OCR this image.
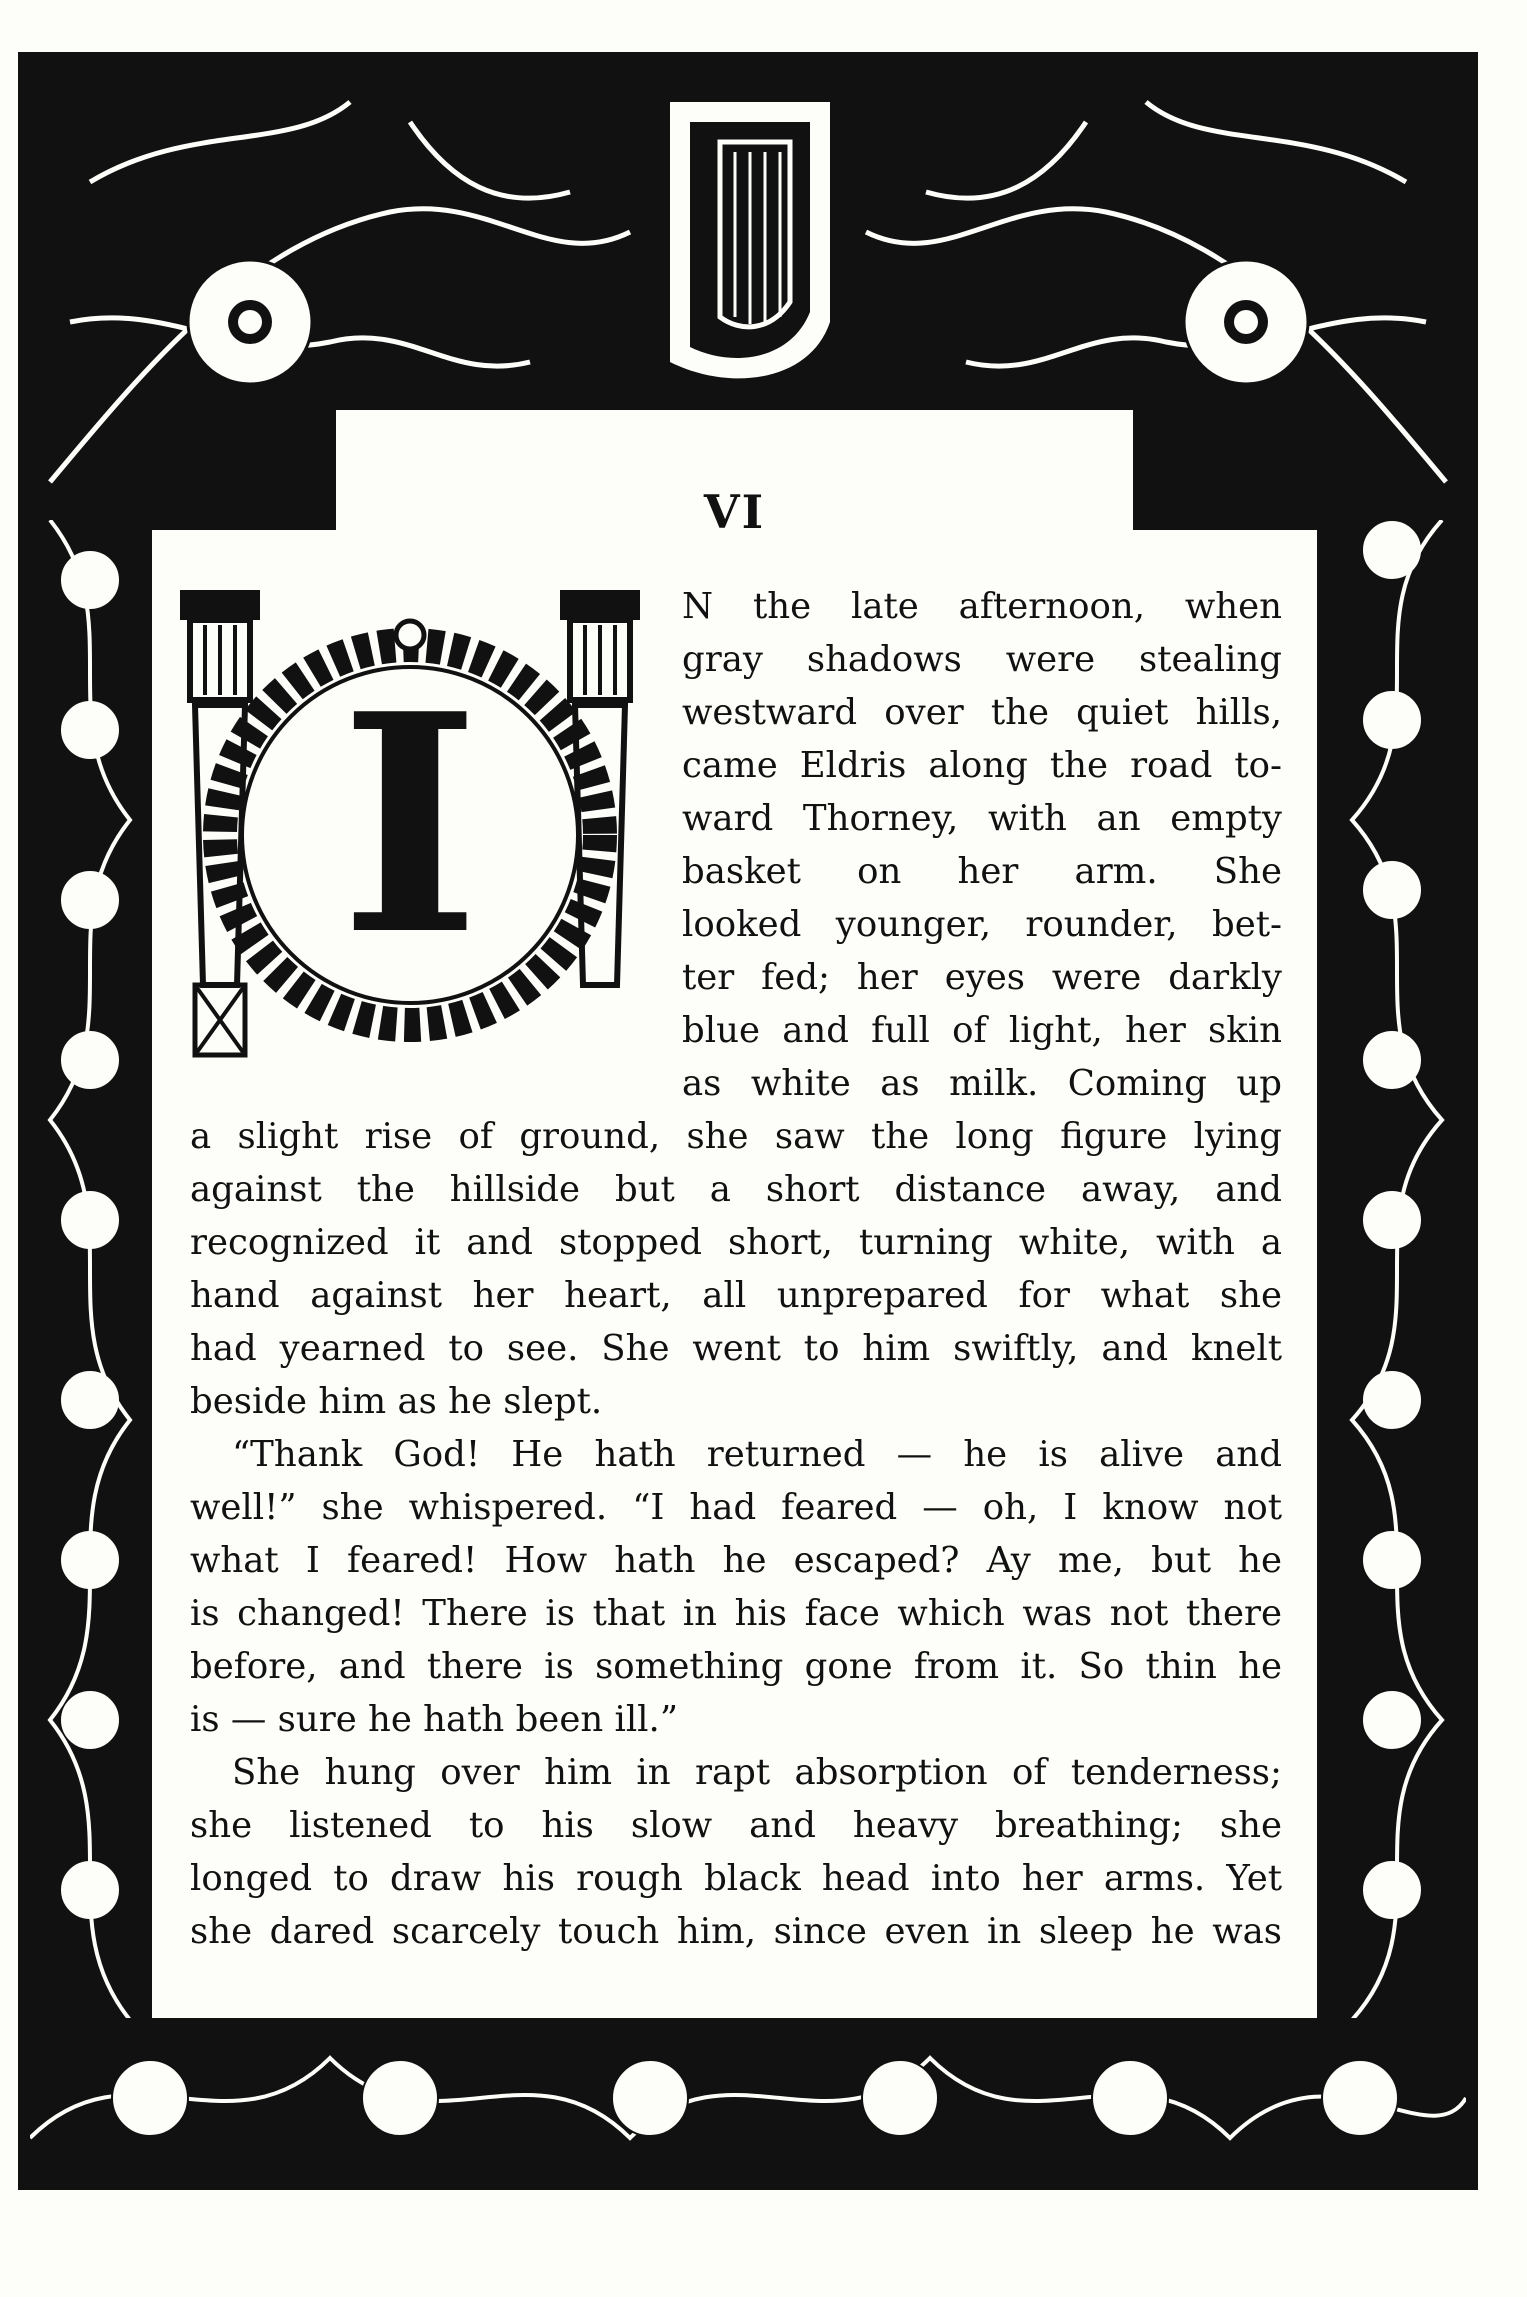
VI
I
N the late afternoon, when
gray shadows were stealing
westward over the quiet hills,
came Eldris along the road to-
ward Thorney, with an empty
basket on her arm. She
looked younger, rounder, bet-
ter fed; her eyes were darkly
blue and full of light, her skin
as white as milk. Coming up
a slight rise of ground, she saw the long figure lying
against the hillside but a short distance away, and
recognized it and stopped short, turning white, with a
hand against her heart, all unprepared for what she
had yearned to see. She went to him swiftly, and knelt
beside him as he slept.
“Thank God! He hath returned — he is alive and
well!” she whispered. “I had feared — oh, I know not
what I feared! How hath he escaped? Ay me, but he
is changed! There is that in his face which was not there
before, and there is something gone from it. So thin he
is — sure he hath been ill.”
She hung over him in rapt absorption of tenderness;
she listened to his slow and heavy breathing; she
longed to draw his rough black head into her arms. Yet
she dared scarcely touch him, since even in sleep he was
360
